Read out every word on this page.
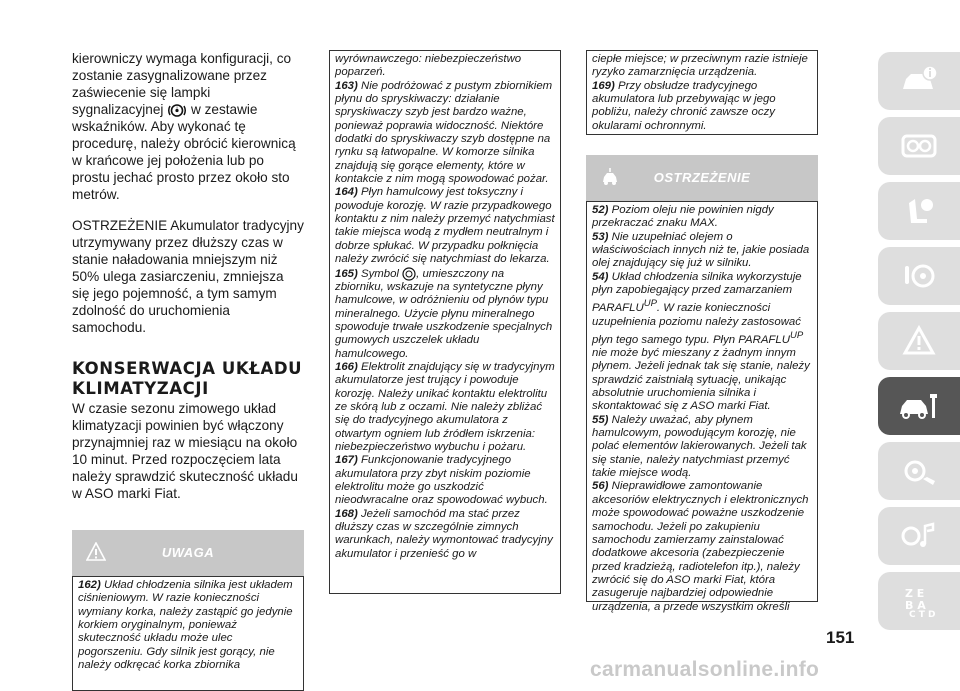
kierowniczy wymaga konfiguracji, co zostanie zasygnalizowane przez zaświecenie się lampki sygnalizacyjnej	! w zestawie wskaźników. Aby wykonać tę procedurę, należy obrócić kierownicą w krańcowe jej położenia lub po prostu jechać prosto przez około sto metrów.

OSTRZEŻENIE Akumulator tradycyjny utrzymywany przez dłuższy czas w stanie naładowania mniejszym niż 50% ulega zasiarczeniu, zmniejsza się jego pojemność, a tym samym zdolność do uruchomienia samochodu.

KONSERWACJA UKŁADU
KLIMATYZACJI

W czasie sezonu zimowego układ klimatyzacji powinien być włączony przynajmniej raz w miesiącu na około 10 minut. Przed rozpoczęciem lata należy sprawdzić skuteczność układu w ASO marki Fiat.

UWAGA

162) Układ chłodzenia silnika jest układem ciśnieniowym. W razie konieczności wymiany korka, należy zastąpić go jedynie korkiem oryginalnym, ponieważ skuteczność układu może ulec pogorszeniu. Gdy silnik jest gorący, nie należy odkręcać korka zbiornika

wyrównawczego: niebezpieczeństwo poparzeń.

163) Nie podróżować z pustym zbiornikiem płynu do spryskiwaczy: działanie spryskiwaczy szyb jest bardzo ważne, ponieważ poprawia widoczność. Niektóre dodatki do spryskiwaczy szyb dostępne na rynku są łatwopalne. W komorze silnika znajdują się gorące elementy, które w kontakcie z nim mogą spowodować pożar.

164) Płyn hamulcowy jest toksyczny i powoduje korozję. W razie przypadkowego kontaktu z nim należy przemyć natychmiast takie miejsca wodą z mydłem neutralnym i dobrze spłukać. W przypadku połknięcia należy zwrócić się natychmiast do lekarza.

165) Symbol , umieszczony na zbiorniku, wskazuje na syntetyczne płyny hamulcowe, w odróżnieniu od płynów typu mineralnego. Użycie płynu mineralnego spowoduje trwałe uszkodzenie specjalnych gumowych uszczelek układu hamulcowego.

166) Elektrolit znajdujący się w tradycyjnym akumulatorze jest trujący i powoduje korozję. Należy unikać kontaktu elektrolitu ze skórą lub z oczami. Nie należy zbliżać się do tradycyjnego akumulatora z otwartym ogniem lub źródłem iskrzenia: niebezpieczeństwo wybuchu i pożaru.

167) Funkcjonowanie tradycyjnego akumulatora przy zbyt niskim poziomie elektrolitu może go uszkodzić nieodwracalne oraz spowodować wybuch.

168) Jeżeli samochód ma stać przez dłuższy czas w szczególnie zimnych warunkach, należy wymontować tradycyjny akumulator i przenieść go w

ciepłe miejsce; w przeciwnym razie istnieje ryzyko zamarznięcia urządzenia.

169) Przy obsłudze tradycyjnego akumulatora lub przebywając w jego pobliżu, należy chronić zawsze oczy okularami ochronnymi.

OSTRZEŻENIE

52) Poziom oleju nie powinien nigdy przekraczać znaku MAX.

53) Nie uzupełniać olejem o właściwościach innych niż te, jakie posiada olej znajdujący się już w silniku.

54) Układ chłodzenia silnika wykorzystuje płyn zapobiegający przed zamarzaniem $PARAFLU^{UP}$. W razie konieczności uzupełnienia poziomu należy zastosować płyn tego samego typu. Płyn $PARAFLU^{UP}$ nie może być mieszany z żadnym innym płynem. Jeżeli jednak tak się stanie, należy sprawdzić zaistniałą sytuację, unikając absolutnie uruchomienia silnika i skontaktować się z ASO marki Fiat.

55) Należy uważać, aby płynem hamulcowym, powodującym korozję, nie polać elementów lakierowanych. Jeżeli tak się stanie, należy natychmiast przemyć takie miejsce wodą.

56) Nieprawidłowe zamontowanie akcesoriów elektrycznych i elektronicznych może spowodować poważne uszkodzenie samochodu. Jeżeli po zakupieniu samochodu zamierzamy zainstalować dodatkowe akcesoria (zabezpieczenie przed kradzieżą, radiotelefon itp.), należy zwrócić się do ASO marki Fiat, która zasugeruje najbardziej odpowiednie urządzenia, a przede wszystkim określi

Z E
B A
C T D
151
carmanualsonline.info
